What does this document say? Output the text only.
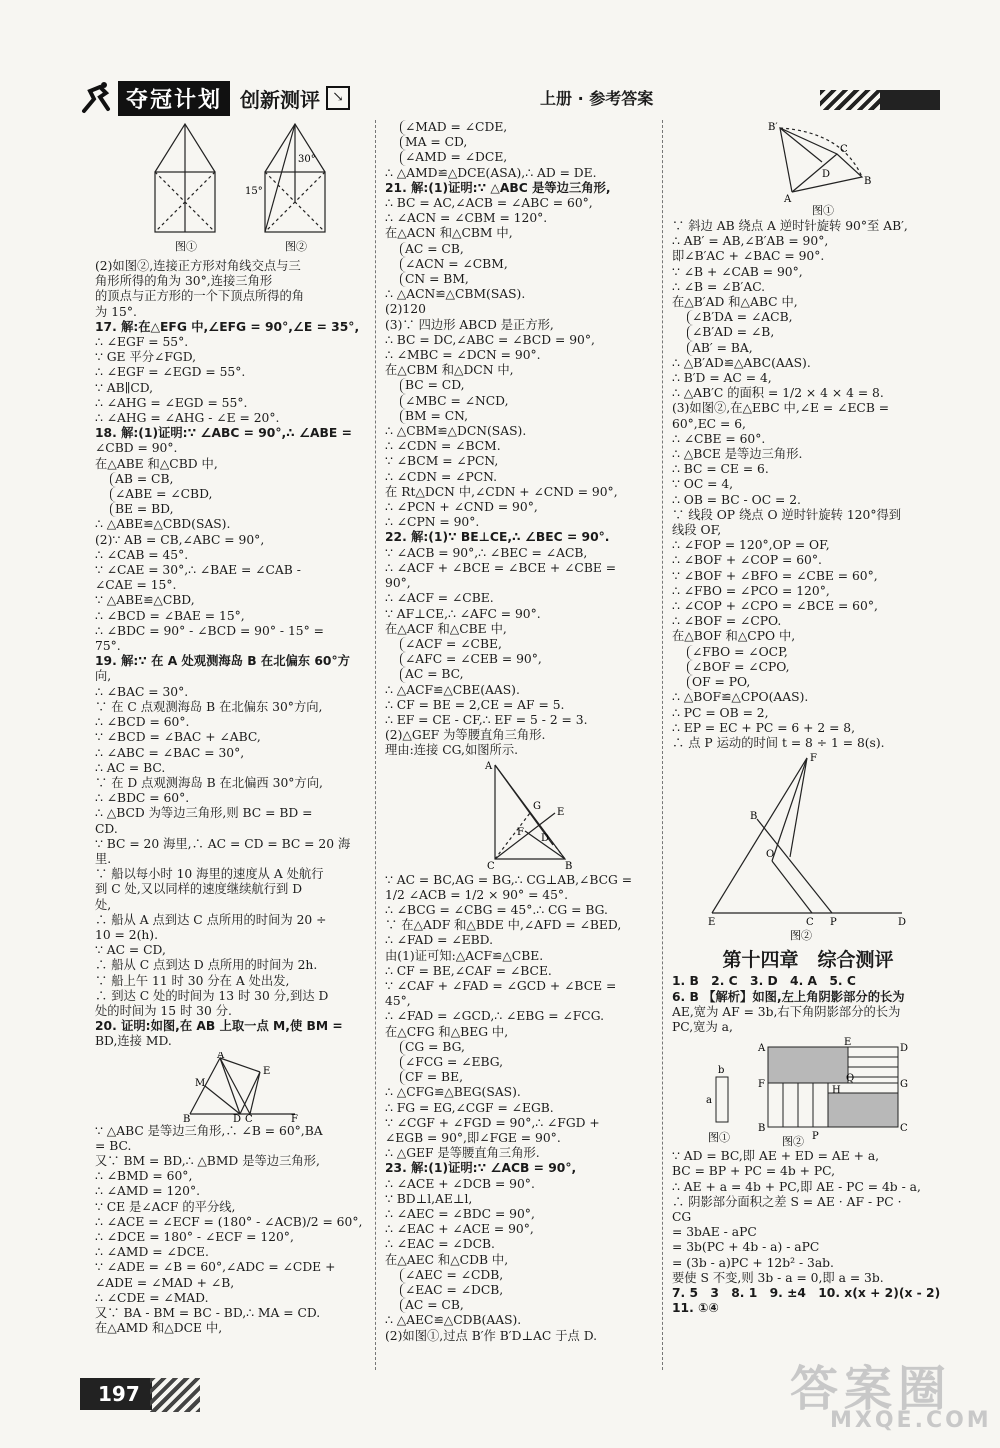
夺冠计划 创新测评 ↘	上册 · 参考答案
30°
15°
图①	图②
(2)如图②,连接正方形对角线交点与三
角形所得的角为 30°,连接三角形
的顶点与正方形的一个下顶点所得的角
为 15°.
17. 解:在△EFG 中,∠EFG = 90°,∠E = 35°,
∴ ∠EGF = 55°.
∵ GE 平分∠FGD,
∴ ∠EGF = ∠EGD = 55°.
∵ AB∥CD,
∴ ∠AHG = ∠EGD = 55°.
∴ ∠AHG = ∠AHG - ∠E = 20°.
18. 解:(1)证明:∵ ∠ABC = 90°,∴ ∠ABE =
∠CBD = 90°.
在△ABE 和△CBD 中,
AB = CB,
∠ABE = ∠CBD,
BE = BD,
∴ △ABE≌△CBD(SAS).
(2)∵ AB = CB,∠ABC = 90°,
∴ ∠CAB = 45°.
∵ ∠CAE = 30°,∴ ∠BAE = ∠CAB -
∠CAE = 15°.
∵ △ABE≌△CBD,
∴ ∠BCD = ∠BAE = 15°,
∴ ∠BDC = 90° - ∠BCD = 90° - 15° =
75°.
19. 解:∵ 在 A 处观测海岛 B 在北偏东 60°方
向,
∴ ∠BAC = 30°.
∵ 在 C 点观测海岛 B 在北偏东 30°方向,
∴ ∠BCD = 60°.
∵ ∠BCD = ∠BAC + ∠ABC,
∴ ∠ABC = ∠BAC = 30°,
∴ AC = BC.
∵ 在 D 点观测海岛 B 在北偏西 30°方向,
∴ ∠BDC = 60°.
∴ △BCD 为等边三角形,则 BC = BD =
CD.
∵ BC = 20 海里,∴ AC = CD = BC = 20 海
里.
∵ 船以每小时 10 海里的速度从 A 处航行
到 C 处,又以同样的速度继续航行到 D
处,
∴ 船从 A 点到达 C 点所用的时间为 20 ÷
10 = 2(h).
∵ AC = CD,
∴ 船从 C 点到达 D 点所用的时间为 2h.
∵ 船上午 11 时 30 分在 A 处出发,
∴ 到达 C 处的时间为 13 时 30 分,到达 D
处的时间为 15 时 30 分.
20. 证明:如图,在 AB 上取一点 M,使 BM =
BD,连接 MD.
A
M
E
B	D C	F
∵ △ABC 是等边三角形,∴ ∠B = 60°,BA
= BC.
又∵ BM = BD,∴ △BMD 是等边三角形,
∴ ∠BMD = 60°,
∴ ∠AMD = 120°.
∵ CE 是∠ACF 的平分线,
∴ ∠ACE = ∠ECF = (180° - ∠ACB)/2 = 60°,
∴ ∠DCE = 180° - ∠ECF = 120°,
∴ ∠AMD = ∠DCE.
∵ ∠ADE = ∠B = 60°,∠ADC = ∠CDE +
∠ADE = ∠MAD + ∠B,
∴ ∠CDE = ∠MAD.
又∵ BA - BM = BC - BD,∴ MA = CD.
在△AMD 和△DCE 中,
∠MAD = ∠CDE,
MA = CD,
∠AMD = ∠DCE,
∴ △AMD≌△DCE(ASA),∴ AD = DE.
21. 解:(1)证明:∵ △ABC 是等边三角形,
∴ BC = AC,∠ACB = ∠ABC = 60°,
∴ ∠ACN = ∠CBM = 120°.
在△ACN 和△CBM 中,
AC = CB,
∠ACN = ∠CBM,
CN = BM,
∴ △ACN≌△CBM(SAS).
(2)120
(3)∵ 四边形 ABCD 是正方形,
∴ BC = DC,∠ABC = ∠BCD = 90°,
∴ ∠MBC = ∠DCN = 90°.
在△CBM 和△DCN 中,
BC = CD,
∠MBC = ∠NCD,
BM = CN,
∴ △CBM≌△DCN(SAS).
∴ ∠CDN = ∠BCM.
∵ ∠BCM = ∠PCN,
∴ ∠CDN = ∠PCN.
在 Rt△DCN 中,∠CDN + ∠CND = 90°,
∴ ∠PCN + ∠CND = 90°,
∴ ∠CPN = 90°.
22. 解:(1)∵ BE⊥CE,∴ ∠BEC = 90°.
∵ ∠ACB = 90°,∴ ∠BEC = ∠ACB,
∴ ∠ACF + ∠BCE = ∠BCE + ∠CBE =
90°,
∴ ∠ACF = ∠CBE.
∵ AF⊥CE,∴ ∠AFC = 90°.
在△ACF 和△CBE 中,
∠ACF = ∠CBE,
∠AFC = ∠CEB = 90°,
AC = BC,
∴ △ACF≌△CBE(AAS).
∴ CF = BE = 2,CE = AF = 5.
∴ EF = CE - CF,∴ EF = 5 - 2 = 3.
(2)△GEF 为等腰直角三角形.
理由:连接 CG,如图所示.
A
G
E
D
F
C	B
∵ AC = BC,AG = BG,∴ CG⊥AB,∠BCG =
1/2 ∠ACB = 1/2 × 90° = 45°.
∴ ∠BCG = ∠CBG = 45°.∴ CG = BG.
∵ 在△ADF 和△BDE 中,∠AFD = ∠BED,
∴ ∠FAD = ∠EBD.
由(1)证可知:△ACF≌△CBE.
∴ CF = BE,∠CAF = ∠BCE.
∵ ∠CAF + ∠FAD = ∠GCD + ∠BCE =
45°,
∴ ∠FAD = ∠GCD,∴ ∠EBG = ∠FCG.
在△CFG 和△BEG 中,
CG = BG,
∠FCG = ∠EBG,
CF = BE,
∴ △CFG≌△BEG(SAS).
∴ FG = EG,∠CGF = ∠EGB.
∵ ∠CGF + ∠FGD = 90°,∴ ∠FGD +
∠EGB = 90°,即∠FGE = 90°.
∴ △GEF 是等腰直角三角形.
23. 解:(1)证明:∵ ∠ACB = 90°,
∴ ∠ACE + ∠DCB = 90°.
∵ BD⊥l,AE⊥l,
∴ ∠AEC = ∠BDC = 90°,
∴ ∠EAC + ∠ACE = 90°,
∴ ∠EAC = ∠DCB.
在△AEC 和△CDB 中,
∠AEC = ∠CDB,
∠EAC = ∠DCB,
AC = CB,
∴ △AEC≌△CDB(AAS).
(2)如图①,过点 B′作 B′D⊥AC 于点 D.
B′
C
D
A
B
图①
∵ 斜边 AB 绕点 A 逆时针旋转 90°至 AB′,
∴ AB′ = AB,∠B′AB = 90°,
即∠B′AC + ∠BAC = 90°.
∵ ∠B + ∠CAB = 90°,
∴ ∠B = ∠B′AC.
在△B′AD 和△ABC 中,
∠B′DA = ∠ACB,
∠B′AD = ∠B,
AB′ = BA,
∴ △B′AD≌△ABC(AAS).
∴ B′D = AC = 4,
∴ △AB′C 的面积 = 1/2 × 4 × 4 = 8.
(3)如图②,在△EBC 中,∠E = ∠ECB =
60°,EC = 6,
∴ ∠CBE = 60°.
∴ △BCE 是等边三角形.
∴ BC = CE = 6.
∵ OC = 4,
∴ OB = BC - OC = 2.
∵ 线段 OP 绕点 O 逆时针旋转 120°得到
线段 OF,
∴ ∠FOP = 120°,OP = OF,
∴ ∠BOF + ∠COP = 60°.
∵ ∠BOF + ∠BFO = ∠CBE = 60°,
∴ ∠FBO = ∠PCO = 120°,
∴ ∠COP + ∠CPO = ∠BCE = 60°,
∴ ∠BOF = ∠CPO.
在△BOF 和△CPO 中,
∠FBO = ∠OCP,
∠BOF = ∠CPO,
OF = PO,
∴ △BOF≌△CPO(AAS).
∴ PC = OB = 2,
∴ EP = EC + PC = 6 + 2 = 8,
∴ 点 P 运动的时间 t = 8 ÷ 1 = 8(s).
F
B
O
E	C P	D
图②
第十四章　综合测评
1. B　2. C　3. D　4. A　5. C
6. B 【解析】如图,左上角阴影部分的长为
AE,宽为 AF = 3b,右下角阴影部分的长为
PC,宽为 a,
E
A	D
F	G
Q
H
B	C
P
b
a
图①	图②
∵ AD = BC,即 AE + ED = AE + a,
BC = BP + PC = 4b + PC,
∴ AE + a = 4b + PC,即 AE - PC = 4b - a,
∴ 阴影部分面积之差 S = AE · AF - PC ·
CG
= 3bAE - aPC
= 3b(PC + 4b - a) - aPC
= (3b - a)PC + 12b² - 3ab.
要使 S 不变,则 3b - a = 0,即 a = 3b.
7. 5　3　8. 1　9. ±4　10. x(x + 2)(x - 2)
11. ①④
197	答案圈
MXQE.COM
